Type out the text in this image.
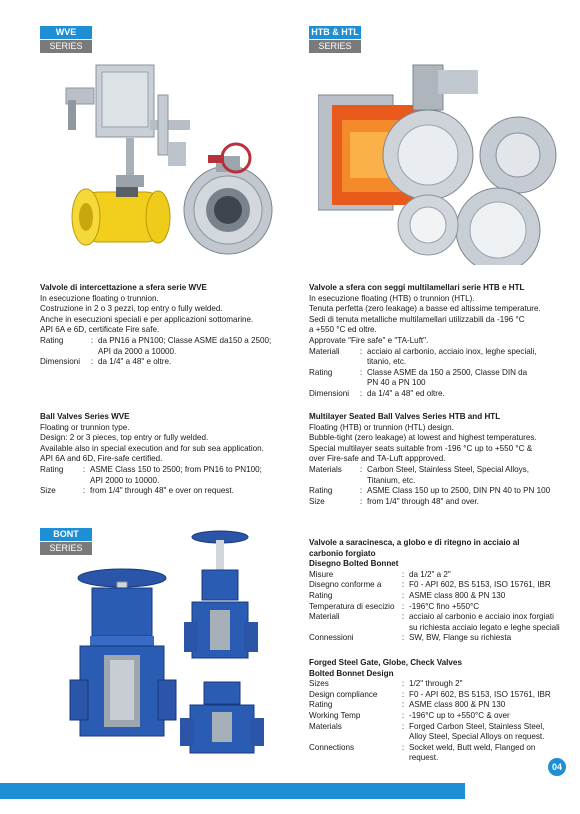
WVE
SERIES
HTB & HTL
SERIES
BONT
SERIES
Valvole di intercettazione a sfera serie WVE
In esecuzione floating o trunnion.
Costruzione in 2 o 3 pezzi, top entry o fully welded.
Anche in esecuzioni speciali e per applicazioni sottomarine.
API 6A e 6D, certificate Fire safe.
Rating	: da PN16 a PN100; Classe ASME da150 a 2500;
API da 2000 a 10000.
Dimensioni	: da 1/4" a 48" e oltre.
Ball Valves Series WVE
Floating or trunnion type.
Design: 2 or 3 pieces, top entry or fully welded.
Available also in special execution and for sub sea application.
API 6A and 6D, Fire-safe certified.
Rating	: ASME Class 150 to 2500; from PN16 to PN100;
API 2000 to 10000.
Size	: from 1/4" through 48" e over on request.
Valvole a sfera con seggi multilamellari serie HTB e HTL
In esecuzione floating (HTB) o trunnion (HTL).
Tenuta perfetta (zero leakage) a basse ed altissime temperature.
Sedi di tenuta metalliche multilamellari utilizzabili da -196 °C
a +550 °C ed oltre.
Approvate "Fire safe" e "TA-Luft".
Materiali	: acciaio al carbonio, acciaio inox, leghe speciali,
titanio, etc.
Rating	: Classe ASME da 150 a 2500, Classe DIN da
PN 40 a PN 100
Dimensioni	: da 1/4" a 48" ed oltre.
Multilayer Seated Ball Valves Series HTB and HTL
Floating (HTB) or trunnion (HTL) design.
Bubble-tight (zero leakage) at lowest and highest temperatures.
Special multilayer seats suitable from -196 °C up to +550 °C &
over Fire-safe and TA-Luft appproved.
Materials	: Carbon Steel, Stainless Steel, Special Alloys,
Titanium, etc.
Rating	: ASME Class 150 up to 2500, DIN PN 40 to PN 100
Size	: from 1/4" through 48" and over.
Valvole a saracinesca, a globo e di ritegno in acciaio al
carbonio forgiato
Disegno Bolted Bonnet
Misure	: da 1/2" a 2"
Disegno conforme a	: F0 - API 602, BS 5153, ISO 15761, IBR
Rating	: ASME class 800 & PN 130
Temperatura di esecizio : -196°C fino +550°C
Materiali	: acciaio al carbonio e acciaio inox forgiati
su richiesta acciaio legato e leghe speciali
Connessioni	: SW, BW, Flange su richiesta
Forged Steel Gate, Globe, Check Valves
Bolted Bonnet Design
Sizes	: 1/2" through 2"
Design compliance	: F0 - API 602, BS 5153, ISO 15761, IBR
Rating	: ASME class 800 & PN 130
Working Temp	: -196°C up to +550°C & over
Materials	: Forged Carbon Steel, Stainless Steel,
Alloy Steel, Special Alloys on request.
Connections	: Socket weld, Butt weld, Flanged on
request.
04
